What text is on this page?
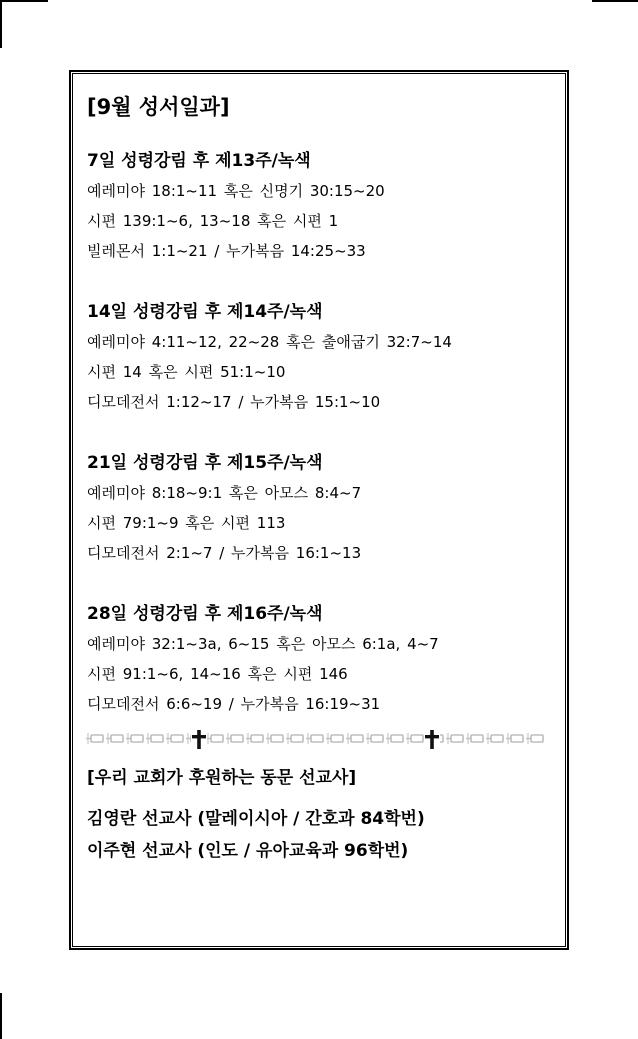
[9월 성서일과]
7일 성령강림 후 제13주/녹색
예레미야 18:1~11 혹은 신명기 30:15~20
시편 139:1~6, 13~18 혹은 시편 1
빌레몬서 1:1~21 / 누가복음 14:25~33
14일 성령강림 후 제14주/녹색
예레미야 4:11~12, 22~28 혹은 출애굽기 32:7~14
시편 14 혹은 시편 51:1~10
디모데전서 1:12~17 / 누가복음 15:1~10
21일 성령강림 후 제15주/녹색
예레미야 8:18~9:1 혹은 아모스 8:4~7
시편 79:1~9 혹은 시편 113
디모데전서 2:1~7 / 누가복음 16:1~13
28일 성령강림 후 제16주/녹색
예레미야 32:1~3a, 6~15 혹은 아모스 6:1a, 4~7
시편 91:1~6, 14~16 혹은 시편 146
디모데전서 6:6~19 / 누가복음 16:19~31
[우리 교회가 후원하는 동문 선교사]
김영란 선교사 (말레이시아 / 간호과 84학번)
이주현 선교사 (인도 / 유아교육과 96학번)
